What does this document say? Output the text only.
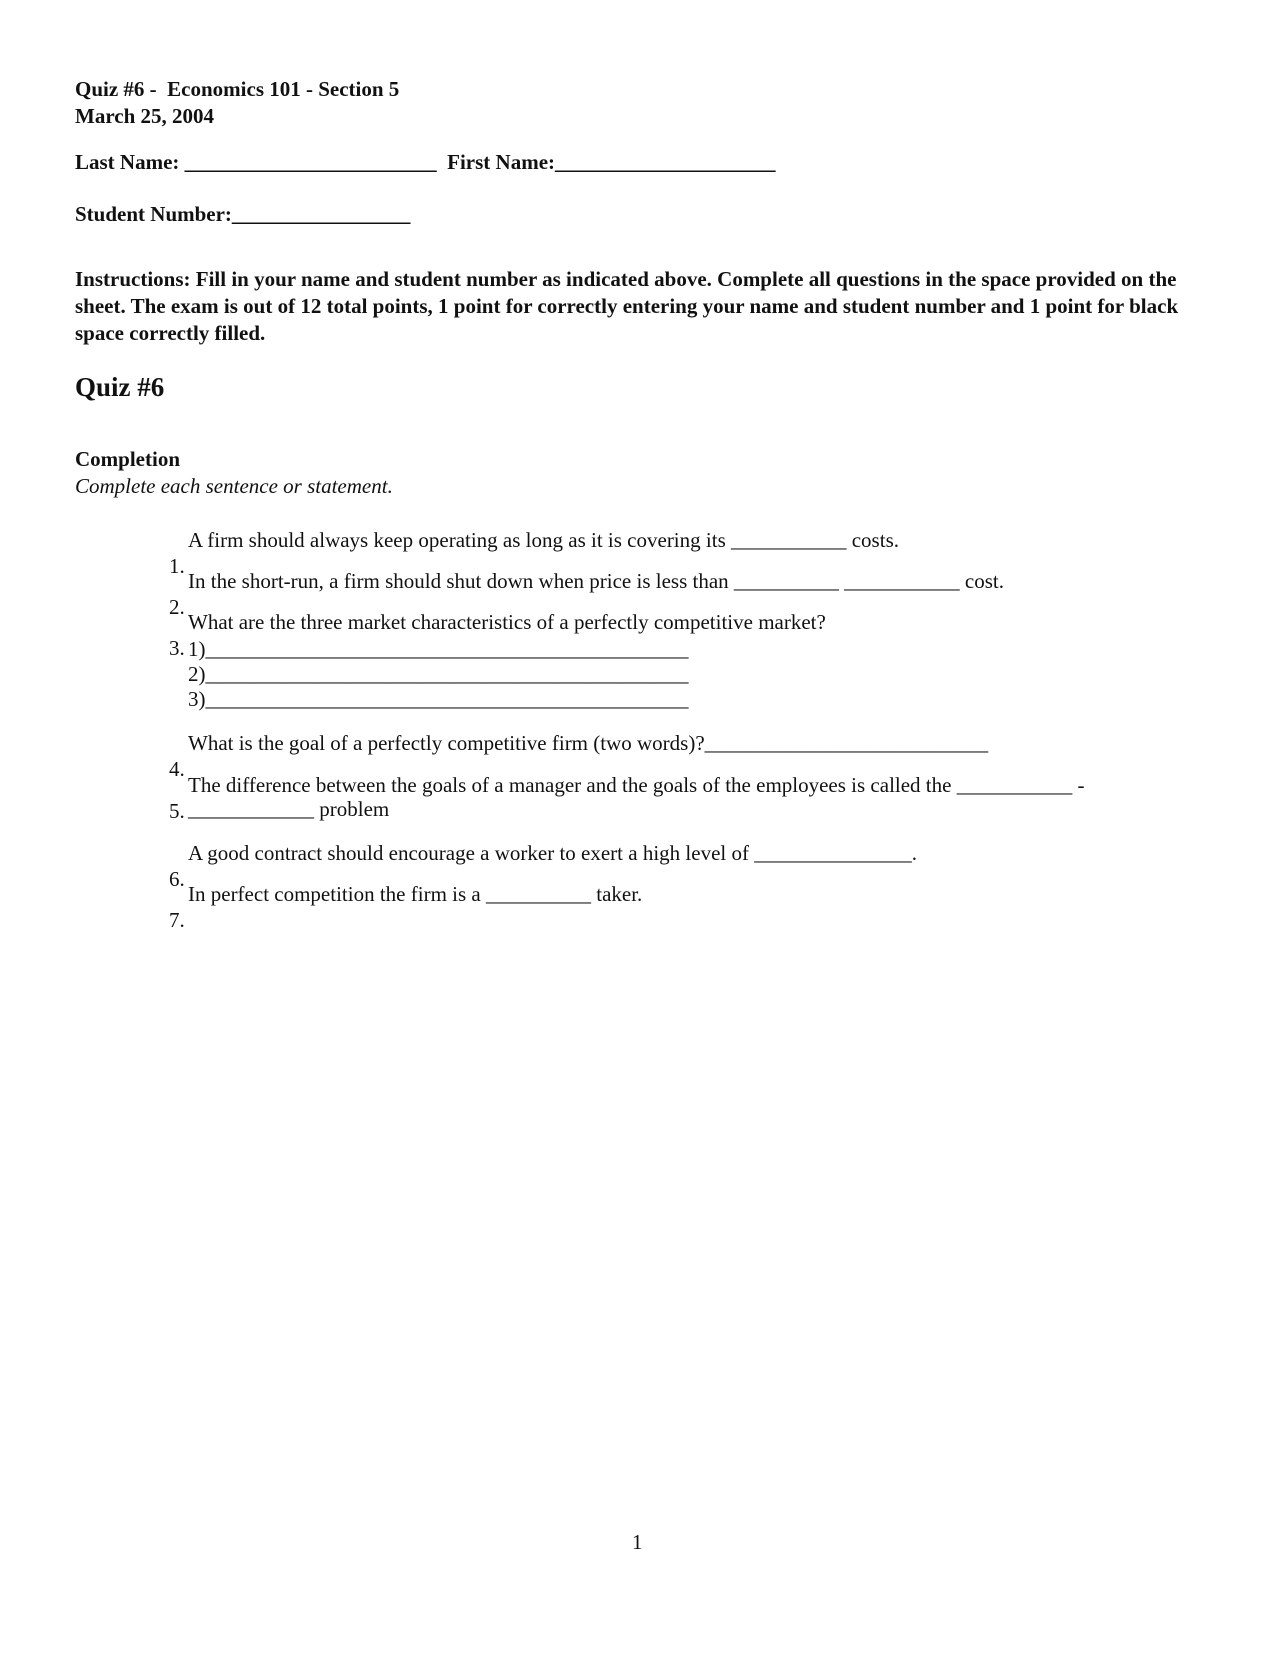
Quiz #6 -  Economics 101 - Section 5
March 25, 2004
Last Name: ________________________  First Name:_____________________
Student Number:_________________
Instructions: Fill in your name and student number as indicated above. Complete all questions in the space provided on the sheet. The exam is out of 12 total points, 1 point for correctly entering your name and student number and 1 point for black space correctly filled.
Quiz #6
Completion
Complete each sentence or statement.

1.

A firm should always keep operating as long as it is covering its ___________ costs.

2.

In the short-run, a firm should shut down when price is less than __________ ___________ cost.

3.

What are the three market characteristics of a perfectly competitive market?

1)______________________________________________
2)______________________________________________
3)______________________________________________

4.

What is the goal of a perfectly competitive firm (two words)?___________________________

5.

The difference between the goals of a manager and the goals of the employees is called the ___________ -

____________ problem

6.

A good contract should encourage a worker to exert a high level of _______________.

7.

In perfect competition the firm is a __________ taker.

1
